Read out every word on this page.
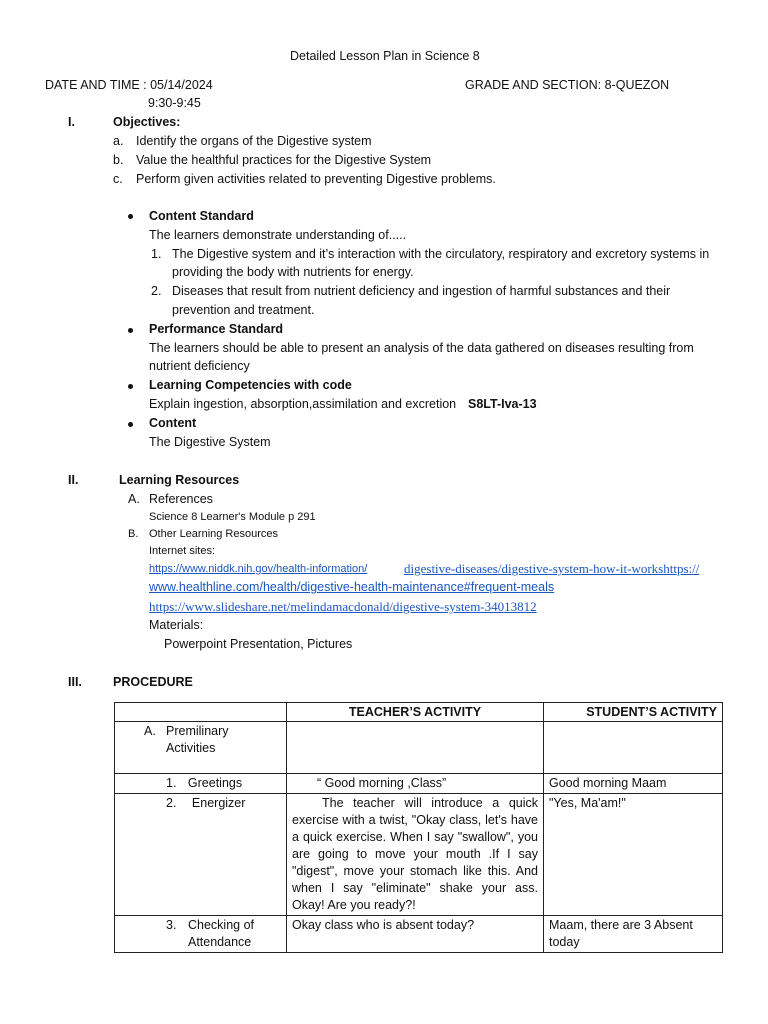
Detailed Lesson Plan in Science 8
DATE AND TIME : 05/14/2024	GRADE AND SECTION: 8-QUEZON
9:30-9:45
I.	Objectives:
a. Identify the organs of the Digestive system
b. Value the healthful practices for the Digestive System
c. Perform given activities related to preventing Digestive problems.
Content Standard
The learners demonstrate understanding of.....
1. The Digestive system and it’s interaction with the circulatory, respiratory and excretory systems in
providing the body with nutrients for energy.
2. Diseases that result from nutrient deficiency and ingestion of harmful substances and their
prevention and treatment.
Performance Standard
The learners should be able to present an analysis of the data gathered on diseases resulting from
nutrient deficiency
Learning Competencies with code
Explain ingestion, absorption,assimilation and excretion S8LT-Iva-13
Content
The Digestive System
II.	Learning Resources
A. References
Science 8 Learner's Module p 291
B. Other Learning Resources
Internet sites:
https://www.niddk.nih.gov/health-information/	digestive-diseases/digestive-system-how-it-workshttps://
www.healthline.com/health/digestive-health-maintenance#frequent-meals
https://www.slideshare.net/melindamacdonald/digestive-system-34013812
Materials:
Powerpoint Presentation, Pictures
III. PROCEDURE
	TEACHER’S ACTIVITY	STUDENT’S ACTIVITY

A. Premilinary
Activities		

1. Greetings	“ Good morning ,Class”	Good morning Maam
2. Energizer	The teacher will introduce a quick exercise with a twist, "Okay class, let's have a quick exercise. When I say "swallow", you are going to move your mouth .If I say "digest", move your stomach like this. And when I say "eliminate" shake your ass. Okay! Are you ready?!	"Yes, Ma'am!"

3. Checking of
Attendance	Okay class who is absent today?	Maam, there are 3 Absent today
